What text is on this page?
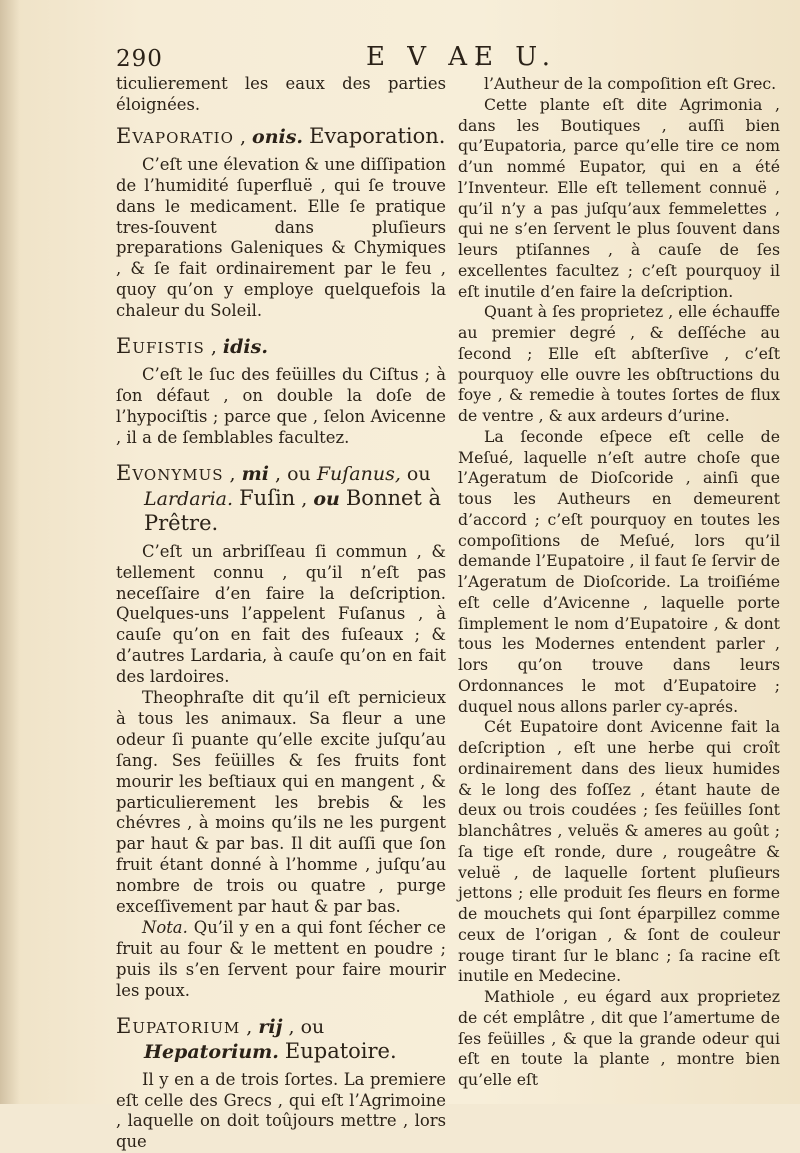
290	E V A.
E U.

ticulierement les eaux des parties éloignées.

Evaporatio , onis. Evaporation.

C’eſt une élevation & une diſſipation de l’humidité ſuperfluë , qui ſe trouve dans le medicament. Elle ſe pratique tres-ſouvent dans pluſieurs preparations Galeniques & Chymiques , & ſe fait ordinairement par le feu , quoy qu’on y employe quelquefois la chaleur du Soleil.

Eufistis , idis.

C’eſt le ſuc des feüilles du Ciſtus ; à ſon défaut , on double la doſe de l’hypociſtis ; parce que , ſelon Avicenne , il a de ſemblables facultez.

Evonymus , mi , ou Fuſanus, ou Lardaria. Fuſin , ou Bonnet à Prêtre.

C’eſt un arbriſſeau ſi commun , & tellement connu , qu’il n’eſt pas neceſſaire d’en faire la deſcription. Quelques-uns l’appelent Fuſanus , à cauſe qu’on en fait des fuſeaux ; & d’autres Lardaria, à cauſe qu’on en fait des lardoires.

Theophraſte dit qu’il eſt pernicieux à tous les animaux. Sa fleur a une odeur ſi puante qu’elle excite juſqu’au ſang. Ses feüilles & ſes fruits font mourir les beſtiaux qui en mangent , & particulierement les brebis & les chévres , à moins qu’ils ne les purgent par haut & par bas. Il dit auſſi que ſon fruit étant donné à l’homme , juſqu’au nombre de trois ou quatre , purge exceſſivement par haut & par bas.

Nota. Qu’il y en a qui font ſécher ce fruit au four & le mettent en poudre ; puis ils s’en ſervent pour faire mourir les poux.

Eupatorium , rij , ou Hepatorium. Eupatoire.

Il y en a de trois ſortes. La premiere eſt celle des Grecs , qui eſt l’Agrimoine , laquelle on doit toûjours mettre , lors que

l’Autheur de la compoſition eſt Grec.

Cette plante eſt dite Agrimonia , dans les Boutiques , auſſi bien qu’Eupatoria, parce qu’elle tire ce nom d’un nommé Eupator, qui en a été l’Inventeur. Elle eſt tellement connuë , qu’il n’y a pas juſqu’aux femmelettes , qui ne s’en ſervent le plus ſouvent dans leurs ptiſannes , à cauſe de ſes excellentes facultez ; c’eſt pourquoy il eſt inutile d’en faire la deſcription.

Quant à ſes proprietez , elle échauffe au premier degré , & deſſéche au ſecond ; Elle eſt abſterſive , c’eſt pourquoy elle ouvre les obſtructions du foye , & remedie à toutes ſortes de flux de ventre , & aux ardeurs d’urine.

La ſeconde eſpece eſt celle de Meſué, laquelle n’eſt autre choſe que l’Ageratum de Dioſcoride , ainſi que tous les Autheurs en demeurent d’accord ; c’eſt pourquoy en toutes les compoſitions de Meſué, lors qu’il demande l’Eupatoire , il faut ſe ſervir de l’Ageratum de Dioſcoride. La troiſiéme eſt celle d’Avicenne , laquelle porte ſimplement le nom d’Eupatoire , & dont tous les Modernes entendent parler , lors qu’on trouve dans leurs Ordonnances le mot d’Eupatoire ; duquel nous allons parler cy-aprés.

Cét Eupatoire dont Avicenne fait la deſcription , eſt une herbe qui croît ordinairement dans des lieux humides & le long des foſſez , étant haute de deux ou trois coudées ; ſes feüilles ſont blanchâtres , veluës & ameres au goût ; ſa tige eſt ronde, dure , rougeâtre & veluë , de laquelle ſortent pluſieurs jettons ; elle produit ſes fleurs en forme de mouchets qui ſont éparpillez comme ceux de l’origan , & ſont de couleur rouge tirant ſur le blanc ; ſa racine eſt inutile en Medecine.

Mathiole , eu égard aux proprietez de cét emplâtre , dit que l’amertume de ſes feüilles , & que la grande odeur qui eſt en toute la plante , montre bien qu’elle eſt
